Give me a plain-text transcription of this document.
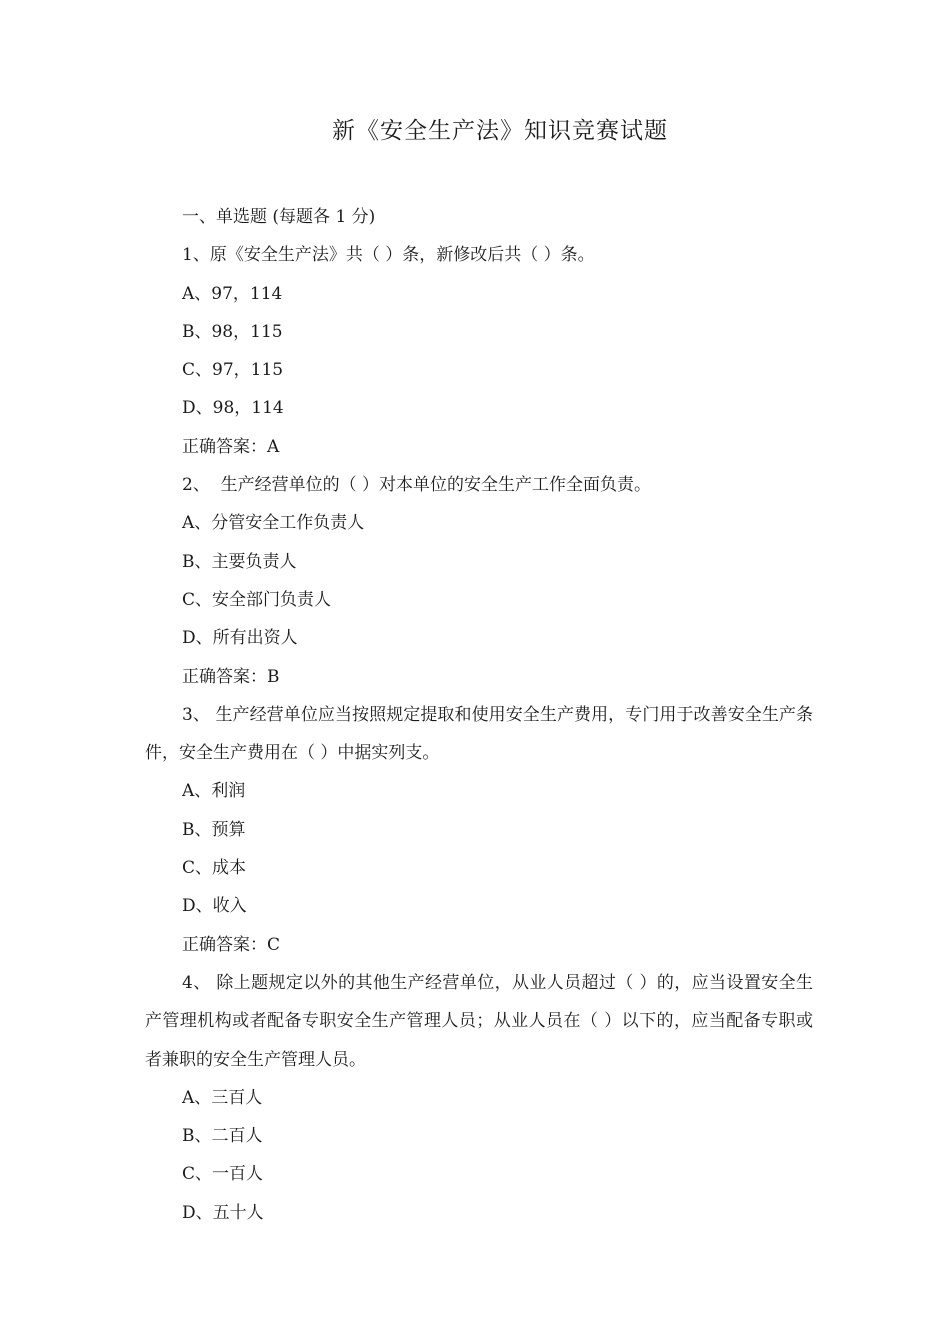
新《安全生产法》知识竞赛试题

一、单选题 (每题各 1 分)

1、原《安全生产法》共（ ）条，新修改后共（ ）条。

A、97，114

B、98，115

C、97，115

D、98，114

正确答案：A

2、  生产经营单位的（ ）对本单位的安全生产工作全面负责。

A、分管安全工作负责人

B、主要负责人

C、安全部门负责人

D、所有出资人

正确答案：B

3、 生产经营单位应当按照规定提取和使用安全生产费用，专门用于改善安全生产条件，安全生产费用在（ ）中据实列支。

A、利润

B、预算

C、成本

D、收入

正确答案：C

4、 除上题规定以外的其他生产经营单位，从业人员超过（ ）的，应当设置安全生产管理机构或者配备专职安全生产管理人员；从业人员在（ ）以下的，应当配备专职或者兼职的安全生产管理人员。

A、三百人

B、二百人

C、一百人

D、五十人
